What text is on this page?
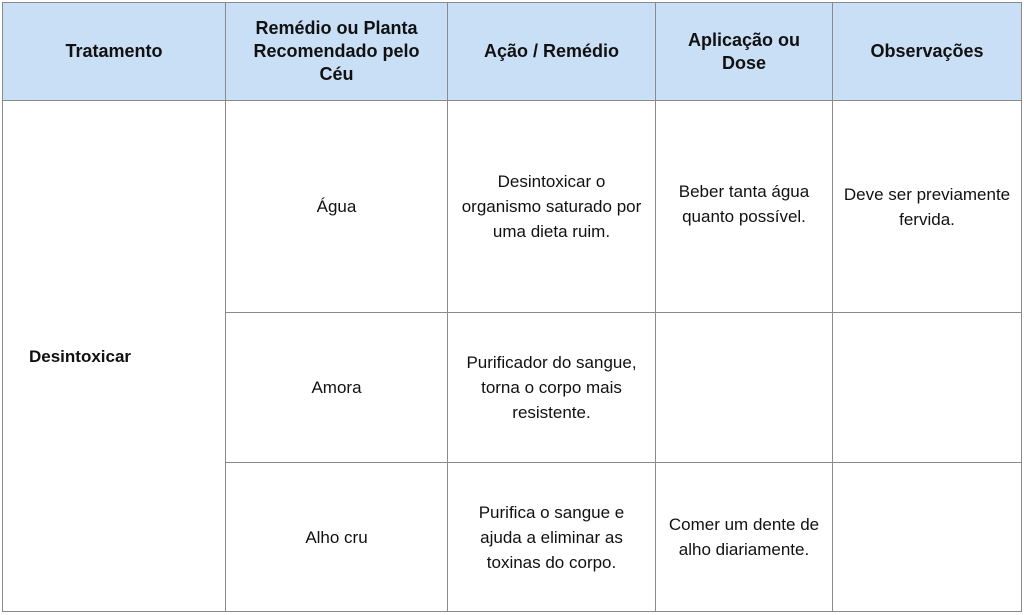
Tratamento	Remédio ou Planta Recomendado pelo Céu	Ação / Remédio	Aplicação ou Dose	Observações
Desintoxicar	Água	Desintoxicar o organismo saturado por uma dieta ruim.	Beber tanta água quanto possível.	Deve ser previamente fervida.
	Amora	Purificador do sangue, torna o corpo mais resistente.		
	Alho cru	Purifica o sangue e ajuda a eliminar as toxinas do corpo.	Comer um dente de alho diariamente.	
